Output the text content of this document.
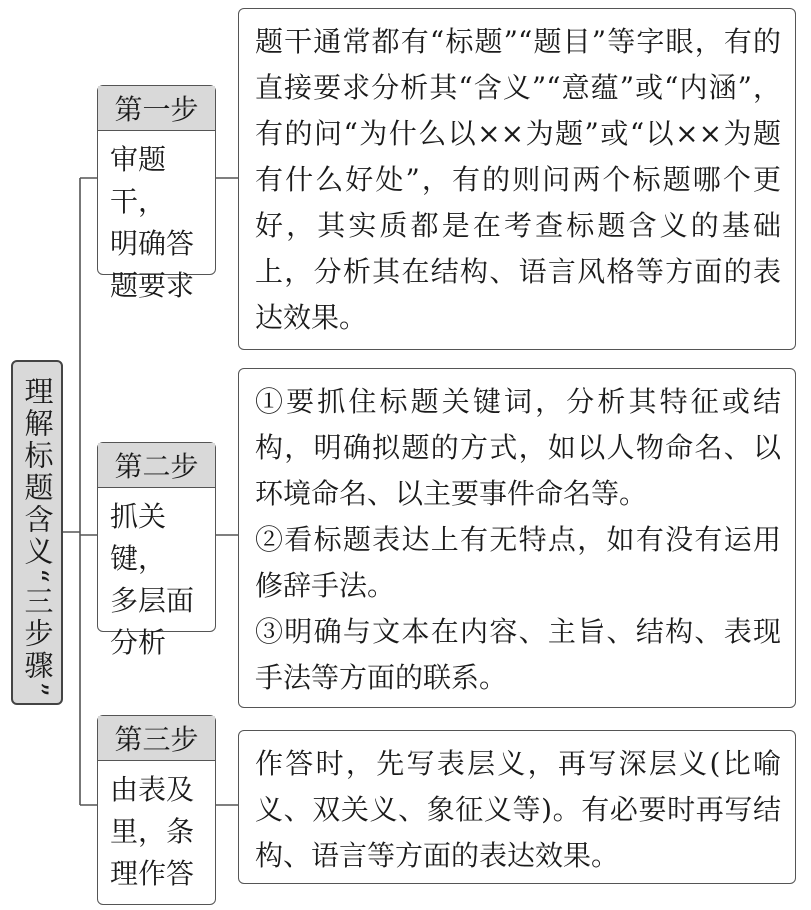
理解标题含义“三步骤”
第一步
审题干，
明确答
题要求

题干通常都有“标题”“题目”等字眼，有的直接要求分析其“含义”“意蕴”或“内涵”，有的问“为什么以××为题”或“以××为题有什么好处”，有的则问两个标题哪个更好，其实质都是在考查标题含义的基础上，分析其在结构、语言风格等方面的表达效果。

第二步
抓关键，
多层面
分析

①要抓住标题关键词，分析其特征或结构，明确拟题的方式，如以人物命名、以环境命名、以主要事件命名等。

②看标题表达上有无特点，如有没有运用修辞手法。

③明确与文本在内容、主旨、结构、表现手法等方面的联系。

第三步
由表及
里，条
理作答

作答时，先写表层义，再写深层义(比喻义、双关义、象征义等)。有必要时再写结构、语言等方面的表达效果。
